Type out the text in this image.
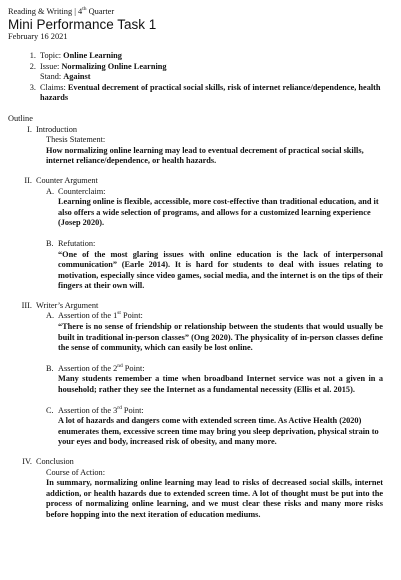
Reading & Writing | 4th Quarter
Mini Performance Task 1
February 16 2021
1. Topic: Online Learning
2. Issue: Normalizing Online Learning
Stand: Against
3. Claims: Eventual decrement of practical social skills, risk of internet reliance/dependence, health hazards
Outline
I. Introduction
Thesis Statement:
How normalizing online learning may lead to eventual decrement of practical social skills, internet reliance/dependence, or health hazards.
II. Counter Argument
A. Counterclaim:
Learning online is flexible, accessible, more cost-effective than traditional education, and it also offers a wide selection of programs, and allows for a customized learning experience (Josep 2020).
B. Refutation:
“One of the most glaring issues with online education is the lack of interpersonal communication” (Earle 2014). It is hard for students to deal with issues relating to motivation, especially since video games, social media, and the internet is on the tips of their fingers at their own will.
III. Writer’s Argument
A. Assertion of the 1st Point:
“There is no sense of friendship or relationship between the students that would usually be built in traditional in-person classes” (Ong 2020). The physicality of in-person classes define the sense of community, which can easily be lost online.
B. Assertion of the 2nd Point:
Many students remember a time when broadband Internet service was not a given in a household; rather they see the Internet as a fundamental necessity (Ellis et al. 2015).
C. Assertion of the 3rd Point:
A lot of hazards and dangers come with extended screen time. As Active Health (2020) enumerates them, excessive screen time may bring you sleep deprivation, physical strain to your eyes and body, increased risk of obesity, and many more.
IV. Conclusion
Course of Action:
In summary, normalizing online learning may lead to risks of decreased social skills, internet addiction, or health hazards due to extended screen time. A lot of thought must be put into the process of normalizing online learning, and we must clear these risks and many more risks before hopping into the next iteration of education mediums.
